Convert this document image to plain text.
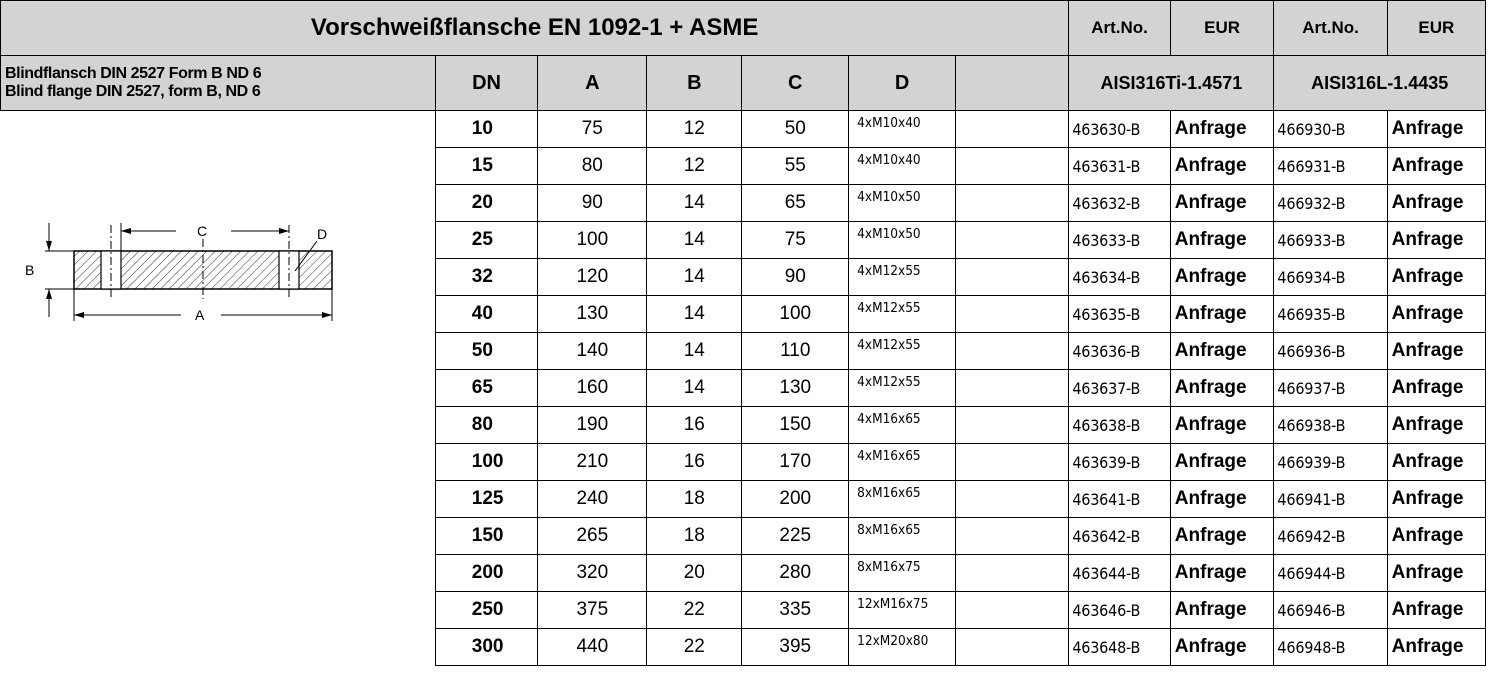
Vorschweißflansche EN 1092-1 + ASME							Art.No.	EUR	Art.No.	EUR

Blindflansch DIN 2527 Form B ND 6
Blind flange DIN 2527, form B, ND 6	DN	A	B	C	D		AISI316Ti-1.4571		AISI316L-1.4435	

C D
B
A	10	75	12	50	4xM10x40		463630-B	Anfrage	466930-B	Anfrage
	15	80	12	55	4xM10x40		463631-B	Anfrage	466931-B	Anfrage
	20	90	14	65	4xM10x50		463632-B	Anfrage	466932-B	Anfrage
	25	100	14	75	4xM10x50		463633-B	Anfrage	466933-B	Anfrage
	32	120	14	90	4xM12x55		463634-B	Anfrage	466934-B	Anfrage
	40	130	14	100	4xM12x55		463635-B	Anfrage	466935-B	Anfrage
	50	140	14	110	4xM12x55		463636-B	Anfrage	466936-B	Anfrage
	65	160	14	130	4xM12x55		463637-B	Anfrage	466937-B	Anfrage
	80	190	16	150	4xM16x65		463638-B	Anfrage	466938-B	Anfrage
	100	210	16	170	4xM16x65		463639-B	Anfrage	466939-B	Anfrage
	125	240	18	200	8xM16x65		463641-B	Anfrage	466941-B	Anfrage
	150	265	18	225	8xM16x65		463642-B	Anfrage	466942-B	Anfrage
	200	320	20	280	8xM16x75		463644-B	Anfrage	466944-B	Anfrage
	250	375	22	335	12xM16x75		463646-B	Anfrage	466946-B	Anfrage
	300	440	22	395	12xM20x80		463648-B	Anfrage	466948-B	Anfrage
